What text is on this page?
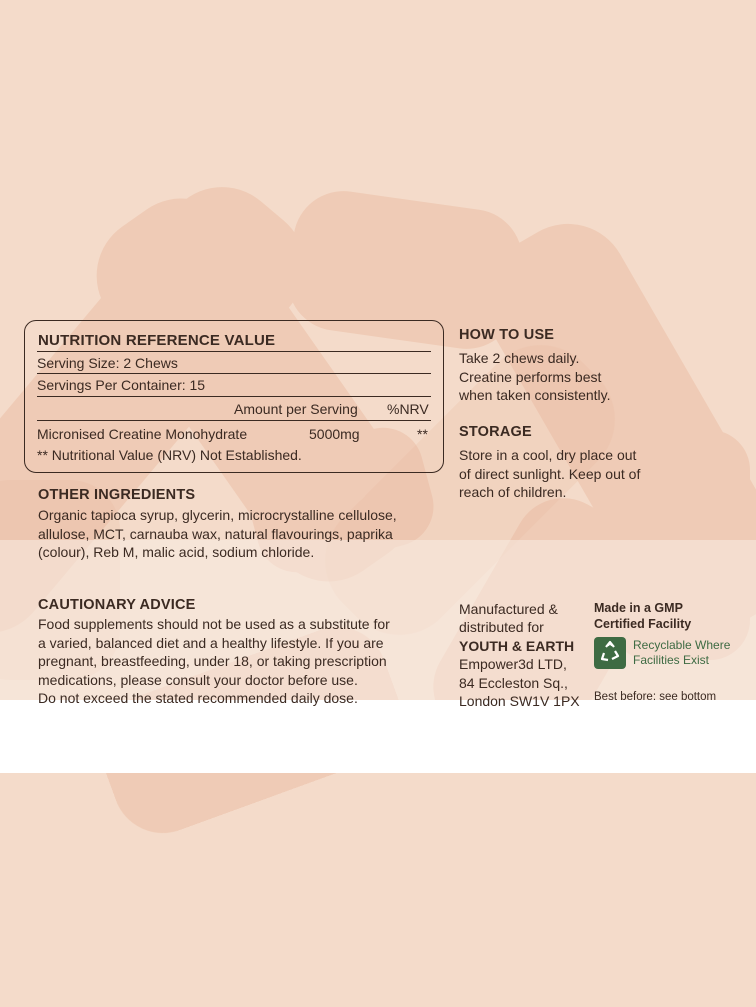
NUTRITION REFERENCE VALUE
Serving Size: 2 Chews
Servings Per Container: 15
Amount per Serving %NRV
Micronised Creatine Monohydrate	5000mg	**
** Nutritional Value (NRV) Not Established.
OTHER INGREDIENTS
Organic tapioca syrup, glycerin, microcrystalline cellulose,
allulose, MCT, carnauba wax, natural flavourings, paprika
(colour), Reb M, malic acid, sodium chloride.
HOW TO USE
Take 2 chews daily.
Creatine performs best
when taken consistently.
STORAGE
Store in a cool, dry place out
of direct sunlight. Keep out of
reach of children.
CAUTIONARY ADVICE
Food supplements should not be used as a substitute for
a varied, balanced diet and a healthy lifestyle. If you are
pregnant, breastfeeding, under 18, or taking prescription
medications, please consult your doctor before use.
Do not exceed the stated recommended daily dose.
Manufactured &
distributed for
YOUTH & EARTH
Empower3d LTD,
84 Eccleston Sq.,
London SW1V 1PX
Made in a GMP
Certified Facility
Recyclable Where
Facilities Exist
Best before: see bottom
